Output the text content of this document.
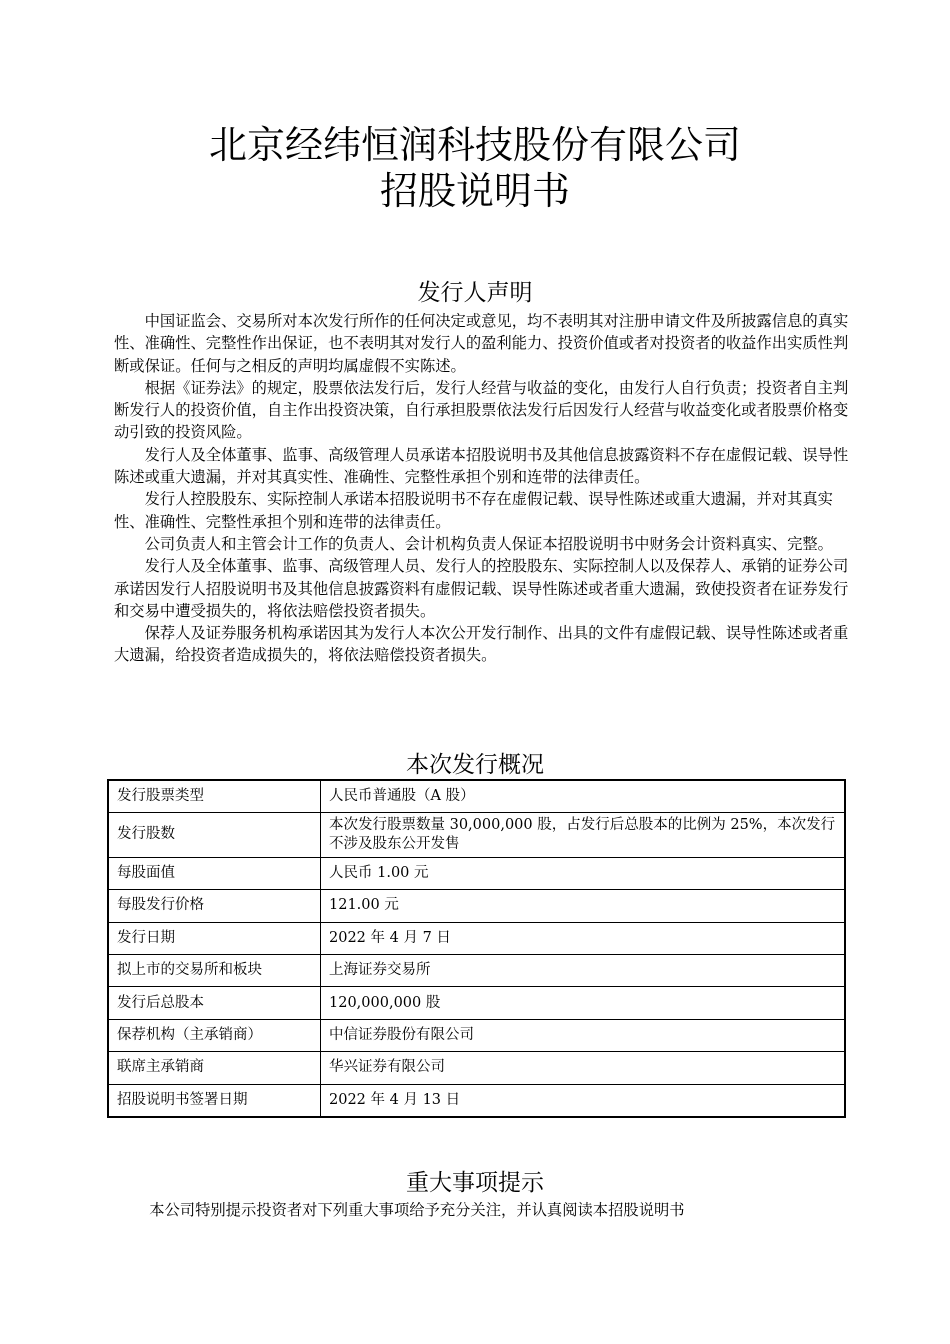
北京经纬恒润科技股份有限公司
招股说明书
发行人声明

中国证监会、交易所对本次发行所作的任何决定或意见，均不表明其对注册申请文件及所披露信息的真实性、准确性、完整性作出保证，也不表明其对发行人的盈利能力、投资价值或者对投资者的收益作出实质性判断或保证。任何与之相反的声明均属虚假不实陈述。

根据《证券法》的规定，股票依法发行后，发行人经营与收益的变化，由发行人自行负责；投资者自主判断发行人的投资价值，自主作出投资决策，自行承担股票依法发行后因发行人经营与收益变化或者股票价格变动引致的投资风险。

发行人及全体董事、监事、高级管理人员承诺本招股说明书及其他信息披露资料不存在虚假记载、误导性陈述或重大遗漏，并对其真实性、准确性、完整性承担个别和连带的法律责任。

发行人控股股东、实际控制人承诺本招股说明书不存在虚假记载、误导性陈述或重大遗漏，并对其真实性、准确性、完整性承担个别和连带的法律责任。

公司负责人和主管会计工作的负责人、会计机构负责人保证本招股说明书中财务会计资料真实、完整。

发行人及全体董事、监事、高级管理人员、发行人的控股股东、实际控制人以及保荐人、承销的证券公司承诺因发行人招股说明书及其他信息披露资料有虚假记载、误导性陈述或者重大遗漏，致使投资者在证券发行和交易中遭受损失的，将依法赔偿投资者损失。

保荐人及证券服务机构承诺因其为发行人本次公开发行制作、出具的文件有虚假记载、误导性陈述或者重大遗漏，给投资者造成损失的，将依法赔偿投资者损失。

本次发行概况
发行股票类型	人民币普通股（A 股）
发行股数	本次发行股票数量 30,000,000 股，占发行后总股本的比例为 25%，本次发行不涉及股东公开发售
每股面值	人民币 1.00 元
每股发行价格	121.00 元
发行日期	2022 年 4 月 7 日
拟上市的交易所和板块	上海证券交易所
发行后总股本	120,000,000 股
保荐机构（主承销商）	中信证券股份有限公司
联席主承销商	华兴证券有限公司
招股说明书签署日期	2022 年 4 月 13 日
重大事项提示

本公司特别提示投资者对下列重大事项给予充分关注，并认真阅读本招股说明书
